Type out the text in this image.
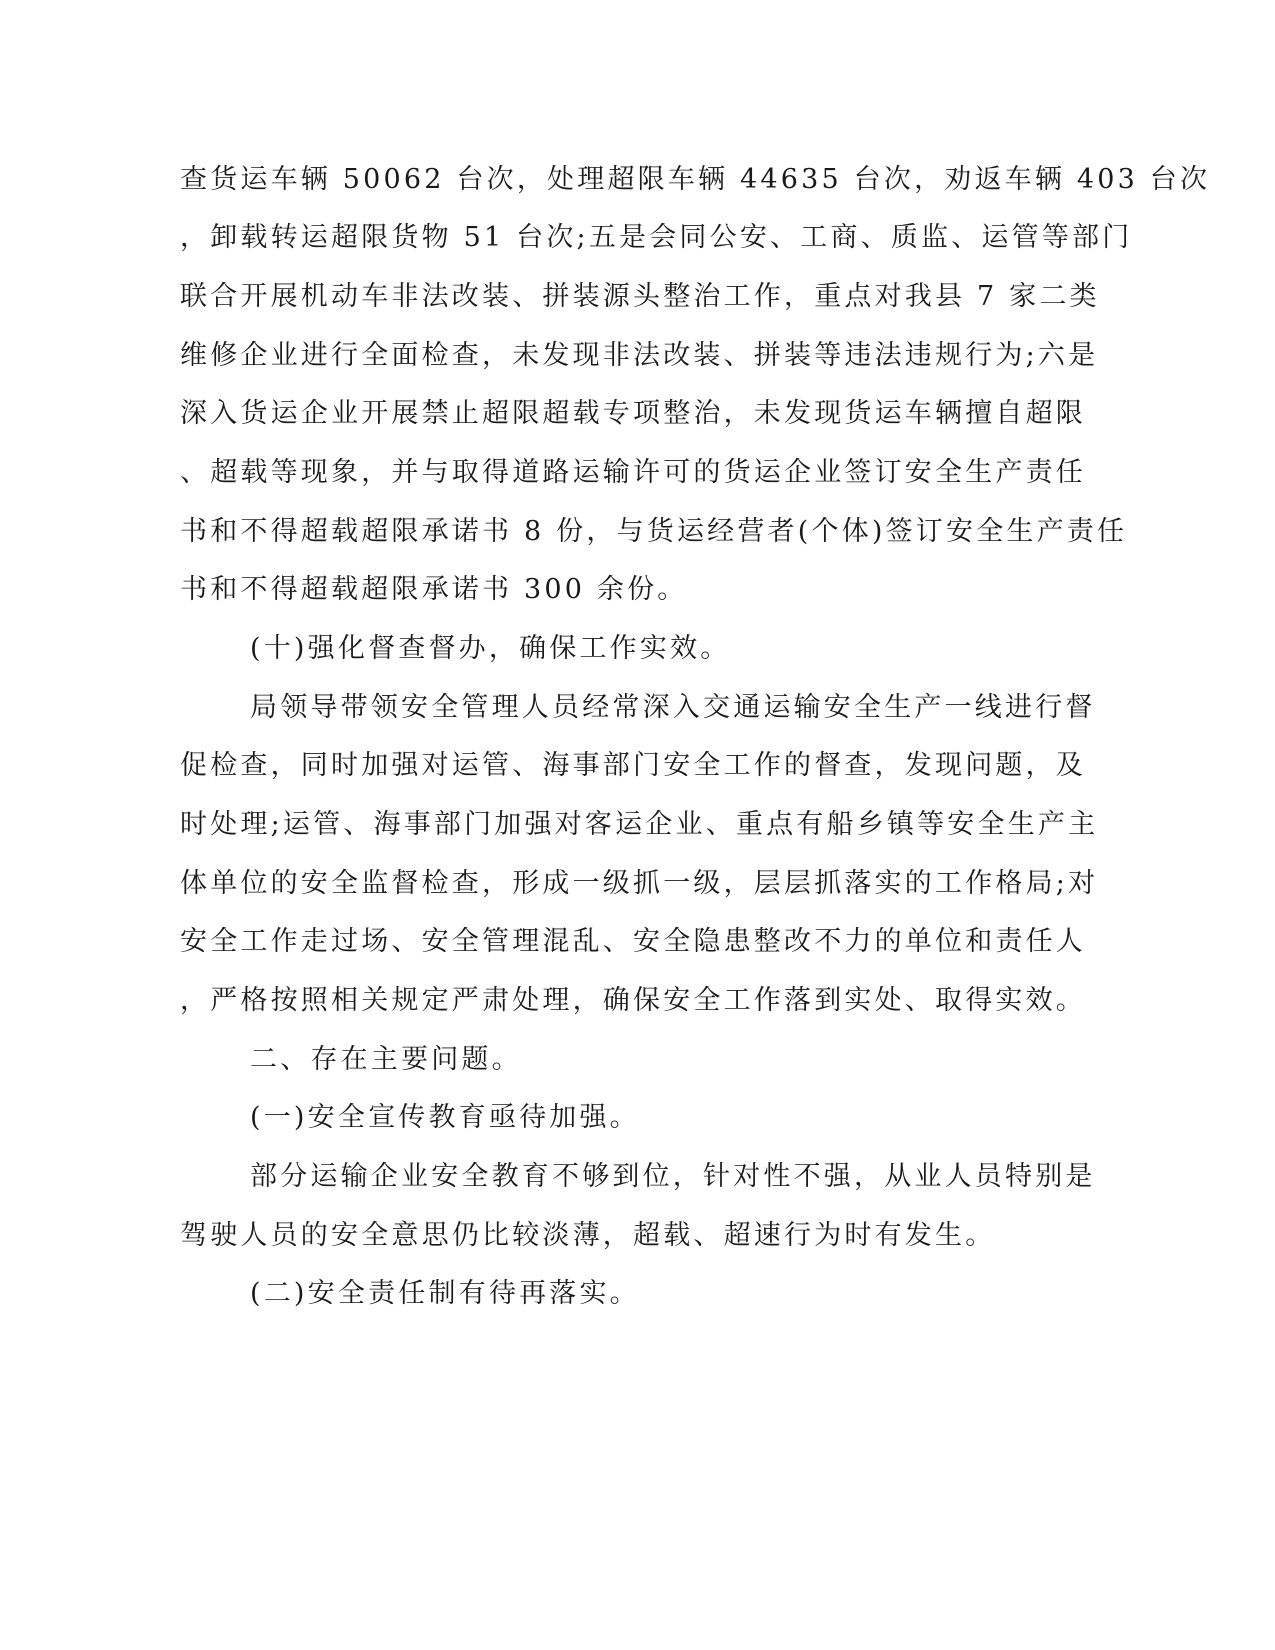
查货运车辆 50062 台次，处理超限车辆 44635 台次，劝返车辆 403 台次

，卸载转运超限货物 51 台次;五是会同公安、工商、质监、运管等部门

联合开展机动车非法改装、拼装源头整治工作，重点对我县 7 家二类

维修企业进行全面检查，未发现非法改装、拼装等违法违规行为;六是

深入货运企业开展禁止超限超载专项整治，未发现货运车辆擅自超限

、超载等现象，并与取得道路运输许可的货运企业签订安全生产责任

书和不得超载超限承诺书 8 份，与货运经营者(个体)签订安全生产责任

书和不得超载超限承诺书 300 余份。

(十)强化督查督办，确保工作实效。

局领导带领安全管理人员经常深入交通运输安全生产一线进行督

促检查，同时加强对运管、海事部门安全工作的督查，发现问题，及

时处理;运管、海事部门加强对客运企业、重点有船乡镇等安全生产主

体单位的安全监督检查，形成一级抓一级，层层抓落实的工作格局;对

安全工作走过场、安全管理混乱、安全隐患整改不力的单位和责任人

，严格按照相关规定严肃处理，确保安全工作落到实处、取得实效。

二、存在主要问题。

(一)安全宣传教育亟待加强。

部分运输企业安全教育不够到位，针对性不强，从业人员特别是

驾驶人员的安全意思仍比较淡薄，超载、超速行为时有发生。

(二)安全责任制有待再落实。
